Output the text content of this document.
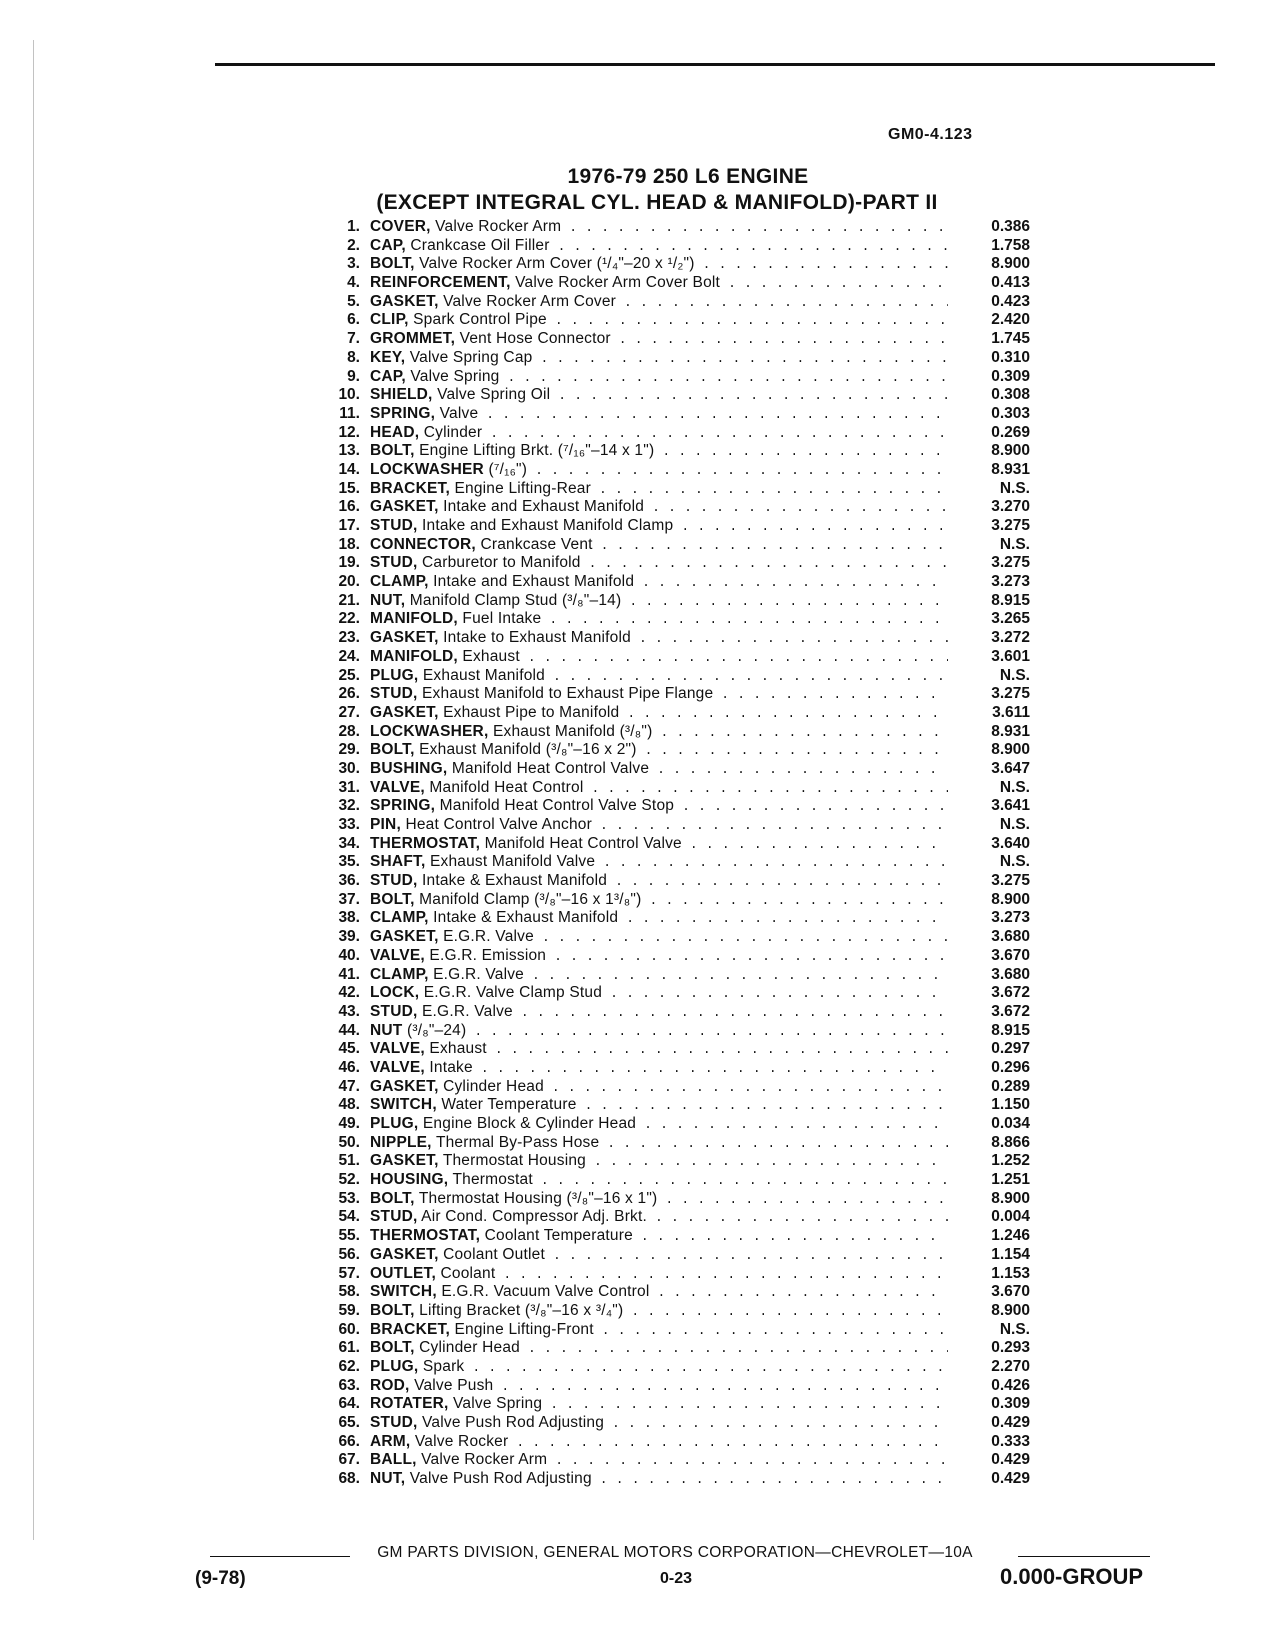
GM0-4.123
1976-79 250 L6 ENGINE
(EXCEPT INTEGRAL CYL. HEAD & MANIFOLD)-PART II
1. COVER, Valve Rocker Arm . . .	0.386
2. CAP, Crankcase Oil Filler . . .	1.758
3. BOLT, Valve Rocker Arm Cover (¹/₄"–20 x ¹/₂") . . .	8.900
4. REINFORCEMENT, Valve Rocker Arm Cover Bolt . . .	0.413
5. GASKET, Valve Rocker Arm Cover . . .	0.423
6. CLIP, Spark Control Pipe . . .	2.420
7. GROMMET, Vent Hose Connector . . .	1.745
8. KEY, Valve Spring Cap . . .	0.310
9. CAP, Valve Spring . . .	0.309
10. SHIELD, Valve Spring Oil . . .	0.308
11. SPRING, Valve . . .	0.303
12. HEAD, Cylinder . . .	0.269
13. BOLT, Engine Lifting Brkt. (⁷/₁₆"–14 x 1") . . .	8.900
14. LOCKWASHER (⁷/₁₆") . . .	8.931
15. BRACKET, Engine Lifting-Rear . . .	N.S.
16. GASKET, Intake and Exhaust Manifold . . .	3.270
17. STUD, Intake and Exhaust Manifold Clamp . . .	3.275
18. CONNECTOR, Crankcase Vent . . .	N.S.
19. STUD, Carburetor to Manifold . . .	3.275
20. CLAMP, Intake and Exhaust Manifold . . .	3.273
21. NUT, Manifold Clamp Stud (³/₈"–14) . . .	8.915
22. MANIFOLD, Fuel Intake . . .	3.265
23. GASKET, Intake to Exhaust Manifold . . .	3.272
24. MANIFOLD, Exhaust . . .	3.601
25. PLUG, Exhaust Manifold . . .	N.S.
26. STUD, Exhaust Manifold to Exhaust Pipe Flange . . .	3.275
27. GASKET, Exhaust Pipe to Manifold . . .	3.611
28. LOCKWASHER, Exhaust Manifold (³/₈") . . .	8.931
29. BOLT, Exhaust Manifold (³/₈"–16 x 2") . . .	8.900
30. BUSHING, Manifold Heat Control Valve . . .	3.647
31. VALVE, Manifold Heat Control . . .	N.S.
32. SPRING, Manifold Heat Control Valve Stop . . .	3.641
33. PIN, Heat Control Valve Anchor . . .	N.S.
34. THERMOSTAT, Manifold Heat Control Valve . . .	3.640
35. SHAFT, Exhaust Manifold Valve . . .	N.S.
36. STUD, Intake & Exhaust Manifold . . .	3.275
37. BOLT, Manifold Clamp (³/₈"–16 x 1³/₈") . . .	8.900
38. CLAMP, Intake & Exhaust Manifold . . .	3.273
39. GASKET, E.G.R. Valve . . .	3.680
40. VALVE, E.G.R. Emission . . .	3.670
41. CLAMP, E.G.R. Valve . . .	3.680
42. LOCK, E.G.R. Valve Clamp Stud . . .	3.672
43. STUD, E.G.R. Valve . . .	3.672
44. NUT (³/₈"–24) . . .	8.915
45. VALVE, Exhaust . . .	0.297
46. VALVE, Intake . . .	0.296
47. GASKET, Cylinder Head . . .	0.289
48. SWITCH, Water Temperature . . .	1.150
49. PLUG, Engine Block & Cylinder Head . . .	0.034
50. NIPPLE, Thermal By-Pass Hose . . .	8.866
51. GASKET, Thermostat Housing . . .	1.252
52. HOUSING, Thermostat . . .	1.251
53. BOLT, Thermostat Housing (³/₈"–16 x 1") . . .	8.900
54. STUD, Air Cond. Compressor Adj. Brkt. . . .	0.004
55. THERMOSTAT, Coolant Temperature . . .	1.246
56. GASKET, Coolant Outlet . . .	1.154
57. OUTLET, Coolant . . .	1.153
58. SWITCH, E.G.R. Vacuum Valve Control . . .	3.670
59. BOLT, Lifting Bracket (³/₈"–16 x ³/₄") . . .	8.900
60. BRACKET, Engine Lifting-Front . . .	N.S.
61. BOLT, Cylinder Head . . .	0.293
62. PLUG, Spark . . .	2.270
63. ROD, Valve Push . . .	0.426
64. ROTATER, Valve Spring . . .	0.309
65. STUD, Valve Push Rod Adjusting . . .	0.429
66. ARM, Valve Rocker . . .	0.333
67. BALL, Valve Rocker Arm . . .	0.429
68. NUT, Valve Push Rod Adjusting . . .	0.429
GM PARTS DIVISION, GENERAL MOTORS CORPORATION—CHEVROLET—10A
(9-78)	0-23	0.000-GROUP
